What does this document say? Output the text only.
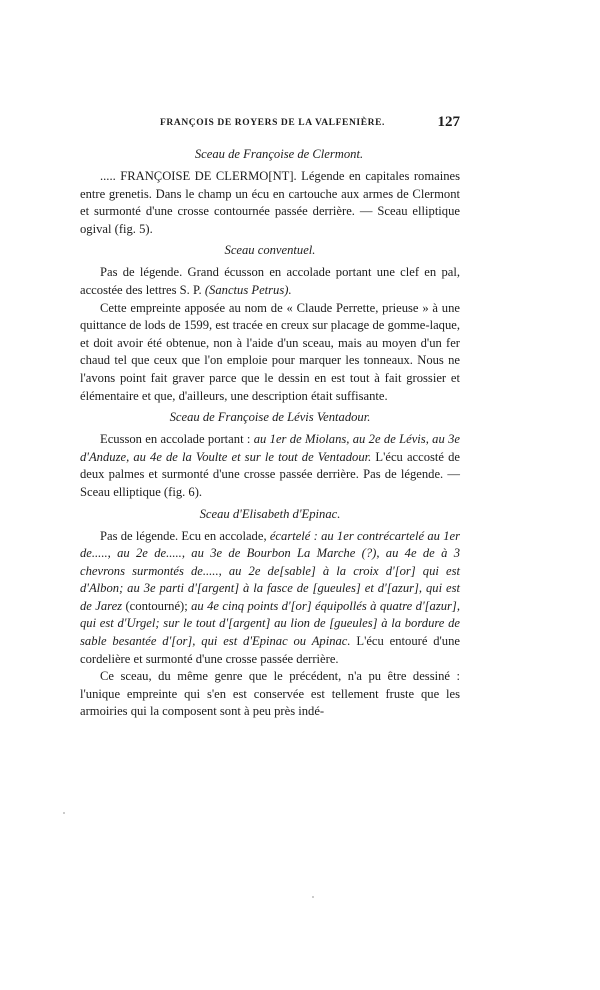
FRANÇOIS DE ROYERS DE LA VALFENIÈRE.	127
Sceau de Françoise de Clermont.

..... FRANÇOISE DE CLERMO[NT]. Légende en capitales romaines entre grenetis. Dans le champ un écu en cartouche aux armes de Clermont et surmonté d'une crosse contournée passée derrière. — Sceau elliptique ogival (fig. 5).

Sceau conventuel.

Pas de légende. Grand écusson en accolade portant une clef en pal, accostée des lettres S. P. (Sanctus Petrus).

Cette empreinte apposée au nom de « Claude Perrette, prieuse » à une quittance de lods de 1599, est tracée en creux sur placage de gomme-laque, et doit avoir été obtenue, non à l'aide d'un sceau, mais au moyen d'un fer chaud tel que ceux que l'on emploie pour marquer les tonneaux. Nous ne l'avons point fait graver parce que le dessin en est tout à fait grossier et élémentaire et que, d'ailleurs, une description était suffisante.

Sceau de Françoise de Lévis Ventadour.

Ecusson en accolade portant : au 1er de Miolans, au 2e de Lévis, au 3e d'Anduze, au 4e de la Voulte et sur le tout de Ventadour. L'écu accosté de deux palmes et surmonté d'une crosse passée derrière. Pas de légende. — Sceau elliptique (fig. 6).

Sceau d'Elisabeth d'Epinac.

Pas de légende. Ecu en accolade, écartelé : au 1er contrécartelé au 1er de....., au 2e de....., au 3e de Bourbon La Marche (?), au 4e de à 3 chevrons surmontés de....., au 2e de[sable] à la croix d'[or] qui est d'Albon; au 3e parti d'[argent] à la fasce de [gueules] et d'[azur], qui est de Jarez (contourné); au 4e cinq points d'[or] équipollés à quatre d'[azur], qui est d'Urgel; sur le tout d'[argent] au lion de [gueules] à la bordure de sable besantée d'[or], qui est d'Epinac ou Apinac. L'écu entouré d'une cordelière et surmonté d'une crosse passée derrière.

Ce sceau, du même genre que le précédent, n'a pu être dessiné : l'unique empreinte qui s'en est conservée est tellement fruste que les armoiries qui la composent sont à peu près indé-
